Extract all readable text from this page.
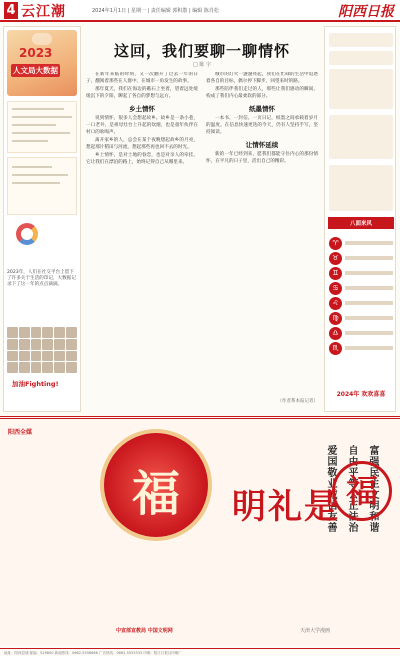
4 云江潮	2024年1月1日 | 星期一 | 责任编辑 郭积散 | 编辑 陈肖松	阳西日报
2023
人文局大数据
2023年，人们在社交平台上留下了许多关于生活的印记，大数据记录下了这一年的点点滴滴。
加油Fighting!
这回，我们要聊一聊情怀
□ 陈 宇
在新年来临的时刻，又一次翻开了过去一年的日子，翻阅着那些在人群中、在城市一角发生的故事。
那年夏天，我们在海边的礁石上坐着，望着远处缓缓沉下的夕阳，聊起了各自的梦想与远方。
乡土情怀
说到情怀，很多人会想起故乡。故乡是一条小巷，一口老井，是祖母灶台上升起的炊烟，也是童年伙伴在村口的吆喝声。
离开家乡的人，总会在某个夜晚想起故乡的月亮，想起那片稻田与河流，想起那些再也回不去的时光。
乡土情怀，是对土地的眷恋，也是对亲人的牵挂。它让我们在漂泊的路上，始终记得自己从哪里来。
城市的灯火一盏盏亮起，我们在忙碌的生活中追逐着各自的目标，偶尔停下脚步，回望来时的路。
那些陪伴我们走过的人，那些让我们感动的瞬间，构成了我们内心最柔软的部分。
纸墨情怀
一本书、一封信、一页日记，纸墨之间承载着岁月的温度。在信息快速更迭的今天，仍有人坚持手写，坚持阅读。
让情怀延续
新的一年已经到来，愿我们都能守住内心的那份情怀，在平凡的日子里，活出自己的精彩。
（作者系本报记者）
八面来风
♈
♉
♊
♋
♌
♍
♎
♏
2024年 欢欢喜喜
阳西全媒
富强民主文明和谐
自由平等公正法治
爱国敬业诚信友善
福	明礼是 福
中宣部宣教局 中国文明网	天津大学漫画
地址：阳西县城 邮编：529800 新闻热线：0662-5556666 广告热线：0662-5553333 印刷：阳江日报社印刷厂
